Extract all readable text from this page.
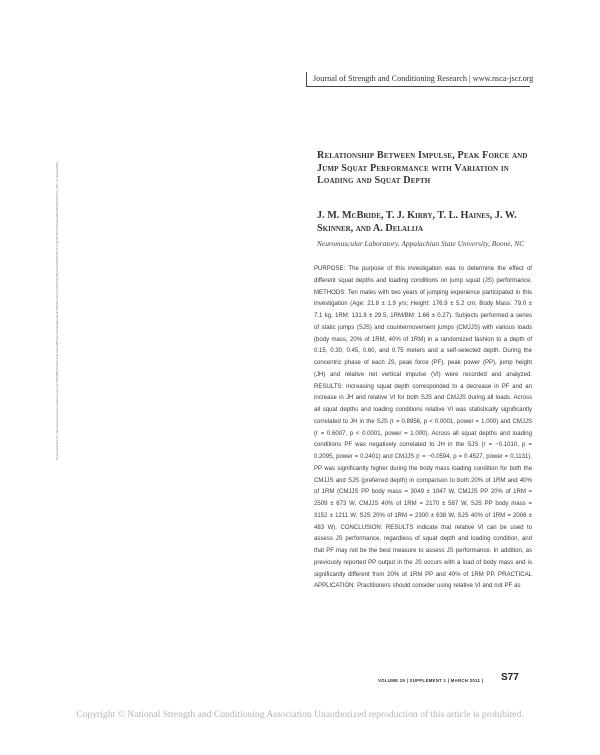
Journal of Strength and Conditioning Research | www.nsca-jscr.org
Relationship Between Impulse, Peak Force and Jump Squat Performance with Variation in Loading and Squat Depth
J. M. McBride, T. J. Kirby, T. L. Haines, J. W. Skinner, and A. Delalija
Neuromuscular Laboratory, Appalachian State University, Boone, NC
PURPOSE: The purpose of this investigation was to determine the effect of different squat depths and loading conditions on jump squat (JS) performance. METHODS: Ten males with two years of jumping experience participated in this investigation (Age: 21.8 ± 1.9 yrs; Height: 176.9 ± 5.2 cm; Body Mass: 79.0 ± 7.1 kg, 1RM: 131.8 ± 29.5, 1RM/BM: 1.66 ± 0.27). Subjects performed a series of static jumps (SJS) and countermovement jumps (CMJJS) with various loads (body mass, 20% of 1RM, 40% of 1RM) in a randomized fashion to a depth of 0.15, 0.30, 0.45, 0.60, and 0.75 meters and a self-selected depth. During the concentric phase of each JS, peak force (PF), peak power (PP), jump height (JH) and relative net vertical impulse (VI) were recorded and analyzed. RESULTS: Increasing squat depth corresponded to a decrease in PF and an increase in JH and relative VI for both SJS and CMJJS during all loads. Across all squat depths and loading conditions relative VI was statistically significantly correlated to JH in the SJS (r = 0.8956, p < 0.0001, power = 1.000) and CMJJS (r = 0.6007, p < 0.0001, power = 1.000). Across all squat depths and loading conditions PF was negatively correlated to JH in the SJS (r = −0.1010, p = 0.2095, power = 0.2401) and CMJJS (r = −0.0594, p = 0.4527, power = 0.1131). PP was significantly higher during the body mass loading condition for both the CMJJS and SJS (preferred depth) in comparison to both 20% of 1RM and 40% of 1RM (CMJJS PP body mass = 3049 ± 1047 W, CMJJS PP 20% of 1RM = 2509 ± 673 W, CMJJS 40% of 1RM = 2170 ± 587 W, SJS PP body mass = 3152 ± 1211 W, SJS 20% of 1RM = 2300 ± 638 W, SJS 40% of 1RM = 2006 ± 483 W). CONCLUSION: RESULTS indicate that relative VI can be used to assess JS performance, regardless of squat depth and loading condition, and that PF may not be the best measure to assess JS performance. In addition, as previously reported PP output in the JS occurs with a load of body mass and is significantly different from 20% of 1RM PP and 40% of 1RM PP. PRACTICAL APPLICATION: Practitioners should consider using relative VI and not PF as
Downloaded from http://journals.lww.com/nsca-jscr by BhDMf5ePHKav1zEoum1tQfN4a+kJLhEZgbsIHo4XMi0hCywCX1AWnYQp/IlQrHD3i3D0OdRyi7TvSFl4Cf3VC4/OAVpDDa8KKGKV0Ymy+78= on 03/11/2024
VOLUME 25 | SUPPLEMENT 1 | MARCH 2011 | S77
Copyright © National Strength and Conditioning Association Unauthorized reproduction of this article is prohibited.
